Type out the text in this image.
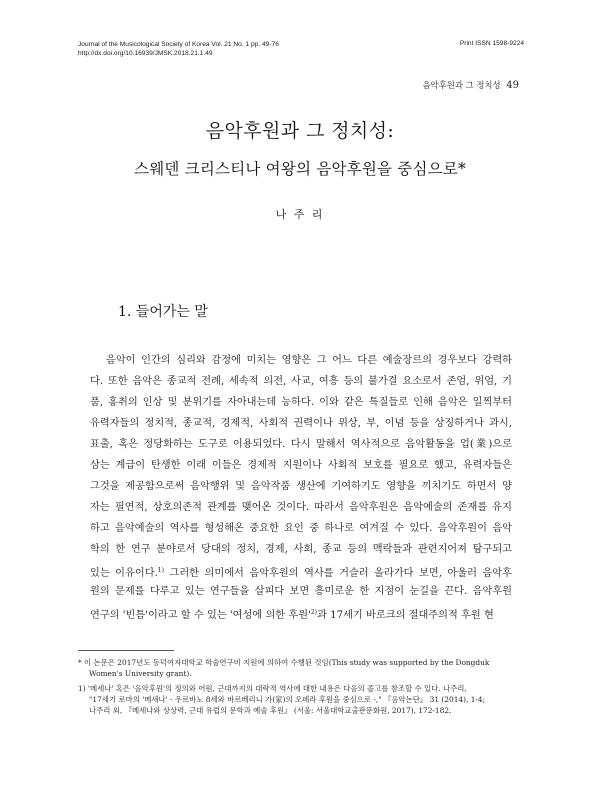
Journal of the Musicological Society of Korea Vol. 21 No. 1 pp. 49-76
http://dx.doi.org/10.16939/JMSK.2018.21.1.49
Print ISSN 1598-9224
음악후원과 그 정치성 49
음악후원과 그 정치성:
스웨덴 크리스티나 여왕의 음악후원을 중심으로*
나 주 리
1. 들어가는 말
음악이 인간의 심리와 감정에 미치는 영향은 그 어느 다른 예술장르의 경우보다 강력하
다. 또한 음악은 종교적 전례, 세속적 의전, 사교, 여흥 등의 불가결 요소로서 존엄, 위엄, 기
품, 홍취의 인상 및 분위기를 자아내는데 능하다. 이와 같은 특질들로 인해 음악은 일찍부터
유력자들의 정치적, 종교적, 경제적, 사회적 권력이나 위상, 부, 이념 등을 상징하거나 과시,
표출, 혹은 정당화하는 도구로 이용되었다. 다시 말해서 역사적으로 음악활동을 업(業)으로
삼는 계급이 탄생한 이래 이들은 경제적 지원이나 사회적 보호를 필요로 했고, 유력자들은
그것을 제공함으로써 음악행위 및 음악작품 생산에 기여하기도 영향을 끼치기도 하면서 양
자는 필연적, 상호의존적 관계를 맺어온 것이다. 따라서 음악후원은 음악예술의 존재를 유지
하고 음악예술의 역사를 형성해온 중요한 요인 중 하나로 여겨질 수 있다. 음악후원이 음악
학의 한 연구 분야로서 당대의 정치, 경제, 사회, 종교 등의 맥락들과 관련지어져 탐구되고
있는 이유이다.$^{1)}$ 그러한 의미에서 음악후원의 역사를 거슬러 올라가다 보면, 아울러 음악후
원의 문제를 다루고 있는 연구들을 살피다 보면 흥미로운 한 지점이 눈길을 끈다. 음악후원
연구의 '빈틈'이라고 할 수 있는 '여성에 의한 후원'$^{2)}$과 17세기 바로크의 절대주의적 후원 현
* 이 논문은 2017년도 동덕여자대학교 학술연구비 지원에 의하여 수행된 것임(This study was supported by the Dongduk
Women's University grant).
1) '메세나' 혹은 '음악후원'의 정의와 어원, 근대까지의 대략적 역사에 대한 내용은 다음의 졸고를 참조할 수 있다. 나주리,
"17세기 로마의 '메세나' - 우르바노 8세와 바르베리니 가(家)의 오페라 후원을 중심으로 -," 『음악논단』 31 (2014), 1-4;
나주리 외, 『메세나와 상상력, 근대 유럽의 문학과 예술 후원』 (서울: 서울대학교출판문화원, 2017), 172-182.
